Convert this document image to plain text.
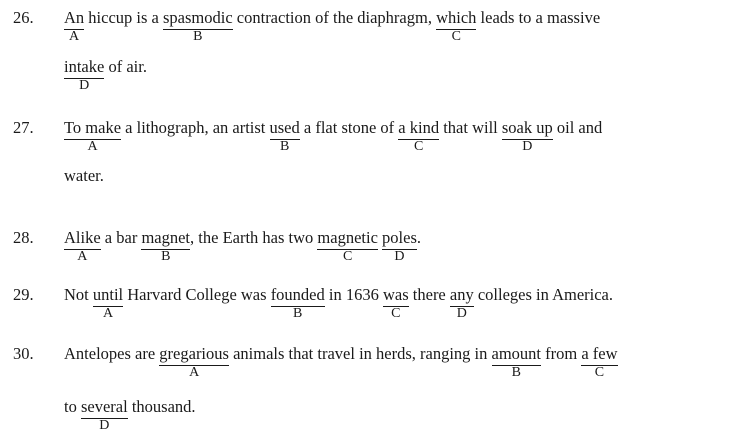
26. $\frac{An}{A}$ hiccup is a spasmodic
B
contraction of the diaphragm, which
C
leads to a massive
intake
D
of air.
27. To make
A
a lithograph, an artist used
B
a flat stone of a kind
C
that will soak up
D
oil and
water.
28. Alike
A
a bar magnet
B
, the Earth has two magnetic
C
poles
D
.
29. Not until
A
Harvard College was founded
B
in 1636 was
C
there any
D
colleges in America.
30. Antelopes are gregarious
A
animals that travel in herds, ranging in amount
B
from a few
C
to several
D
thousand.
